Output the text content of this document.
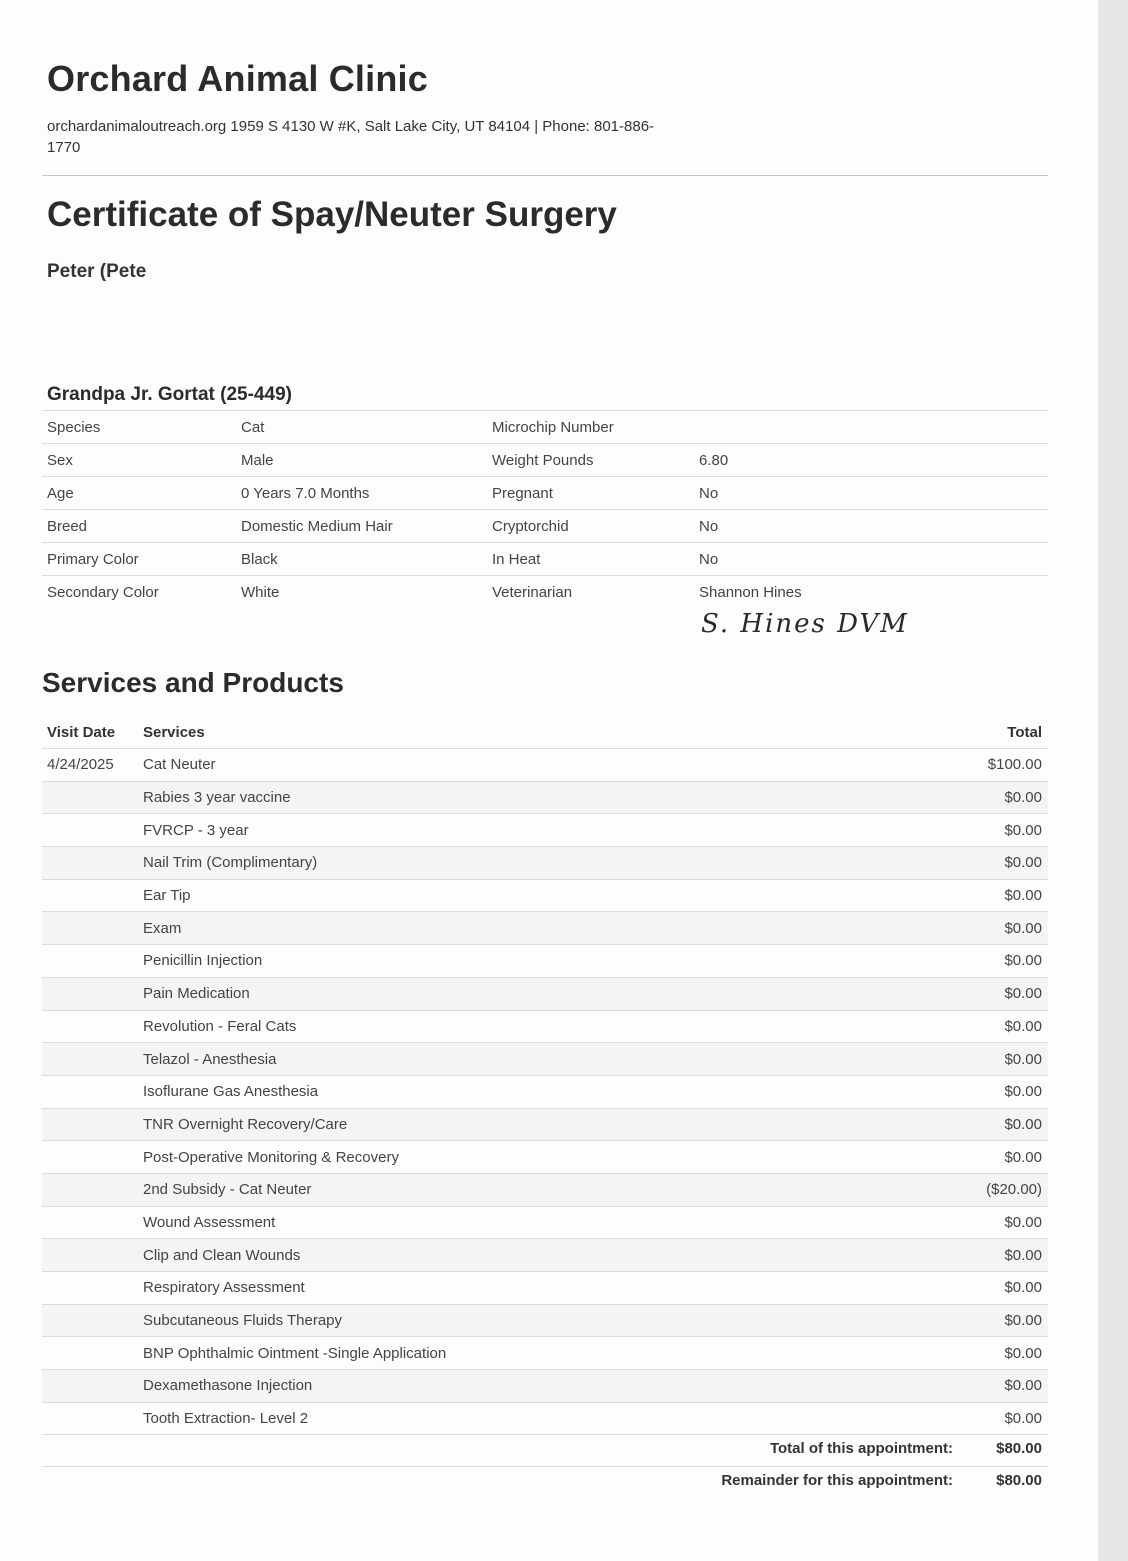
Orchard Animal Clinic
orchardanimaloutreach.org 1959 S 4130 W #K, Salt Lake City, UT 84104 | Phone: 801-886-1770
Certificate of Spay/Neuter Surgery
Peter (Pete
Grandpa Jr. Gortat (25-449)
Species	Cat	Microchip Number	
Sex	Male	Weight Pounds	6.80
Age	0 Years 7.0 Months	Pregnant	No
Breed	Domestic Medium Hair	Cryptorchid	No
Primary Color	Black	In Heat	No
Secondary Color	White	Veterinarian	Shannon Hines
S. Hines DVM
Services and Products
Visit Date	Services	Total
4/24/2025	Cat Neuter	$100.00
	Rabies 3 year vaccine	$0.00
	FVRCP - 3 year	$0.00
	Nail Trim (Complimentary)	$0.00
	Ear Tip	$0.00
	Exam	$0.00
	Penicillin Injection	$0.00
	Pain Medication	$0.00
	Revolution - Feral Cats	$0.00
	Telazol - Anesthesia	$0.00
	Isoflurane Gas Anesthesia	$0.00
	TNR Overnight Recovery/Care	$0.00
	Post-Operative Monitoring & Recovery	$0.00
	2nd Subsidy - Cat Neuter	($20.00)
	Wound Assessment	$0.00
	Clip and Clean Wounds	$0.00
	Respiratory Assessment	$0.00
	Subcutaneous Fluids Therapy	$0.00
	BNP Ophthalmic Ointment -Single Application	$0.00
	Dexamethasone Injection	$0.00
	Tooth Extraction- Level 2	$0.00
Total of this appointment:	$80.00
Remainder for this appointment:	$80.00
